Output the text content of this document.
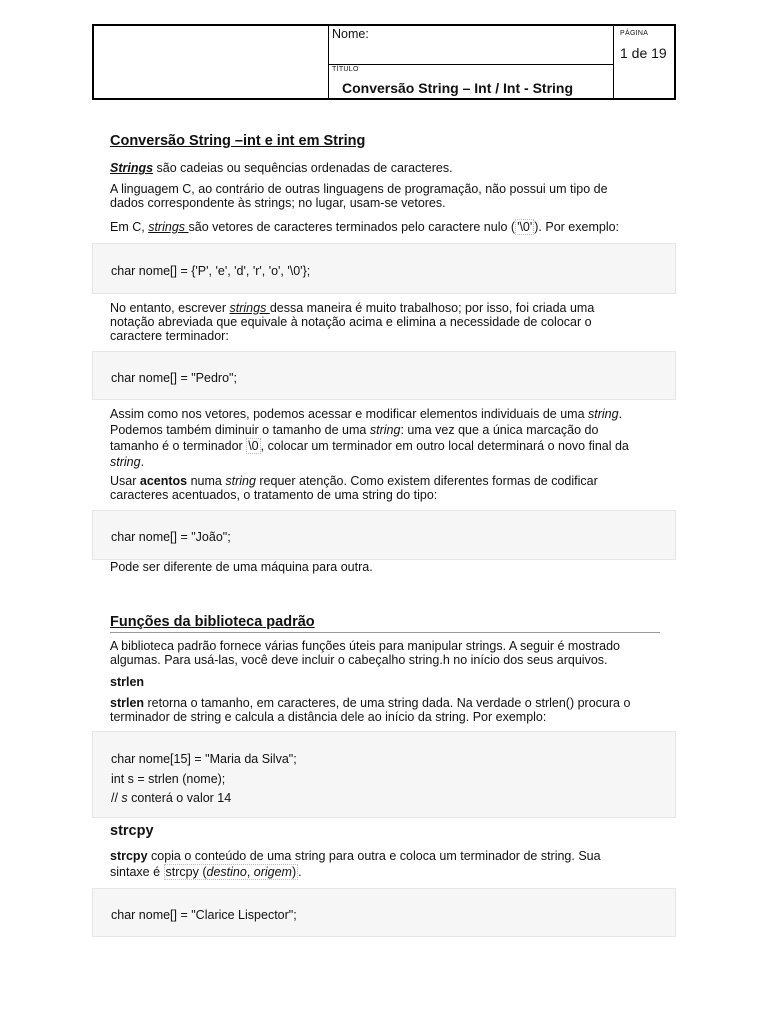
Nome:	PÁGINA
1 de 19
TÍTULO
Conversão String – Int / Int - String
Conversão String –int e int em String

Strings são cadeias ou sequências ordenadas de caracteres.

A linguagem C, ao contrário de outras linguagens de programação, não possui um tipo de
dados correspondente às strings; no lugar, usam-se vetores.

Em C, strings são vetores de caracteres terminados pelo caractere nulo ( '\0' ). Por exemplo:

char nome[] = {'P', 'e', 'd', 'r', 'o', '\0'};

No entanto, escrever strings dessa maneira é muito trabalhoso; por isso, foi criada uma
notação abreviada que equivale à notação acima e elimina a necessidade de colocar o
caractere terminador:

char nome[] = "Pedro";

Assim como nos vetores, podemos acessar e modificar elementos individuais de uma string.
Podemos também diminuir o tamanho de uma string: uma vez que a única marcação do
tamanho é o terminador \0 , colocar um terminador em outro local determinará o novo final da
string.

Usar acentos numa string requer atenção. Como existem diferentes formas de codificar
caracteres acentuados, o tratamento de uma string do tipo:

char nome[] = "João";

Pode ser diferente de uma máquina para outra.

Funções da biblioteca padrão

A biblioteca padrão fornece várias funções úteis para manipular strings. A seguir é mostrado
algumas. Para usá-las, você deve incluir o cabeçalho string.h no início dos seus arquivos.

strlen

strlen retorna o tamanho, em caracteres, de uma string dada. Na verdade o strlen() procura o
terminador de string e calcula a distância dele ao início da string. Por exemplo:

char nome[15] = "Maria da Silva";
int s = strlen (nome);
// s conterá o valor 14
strcpy

strcpy copia o conteúdo de uma string para outra e coloca um terminador de string. Sua
sintaxe é strcpy (destino, origem) .

char nome[] = "Clarice Lispector";
